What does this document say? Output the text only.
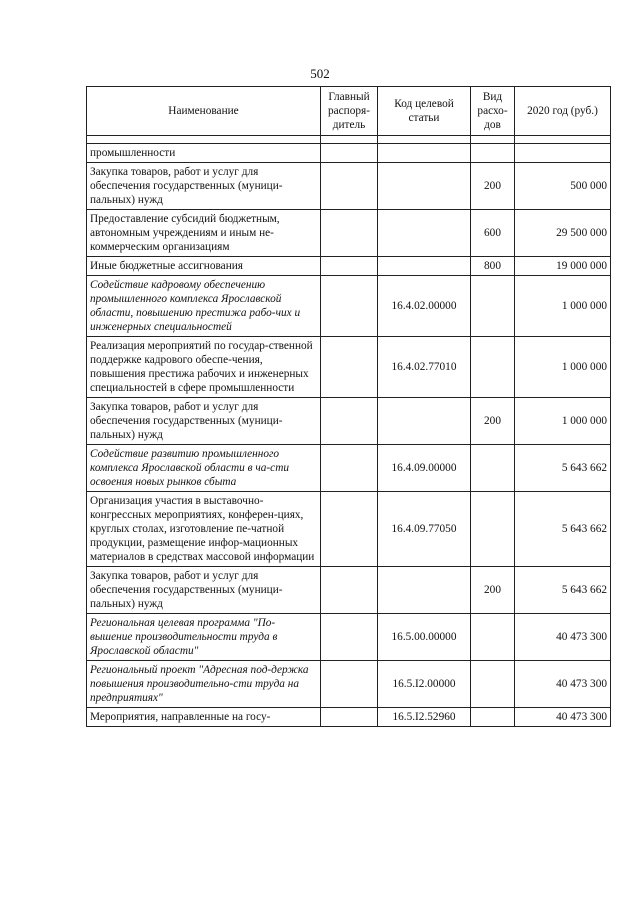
502
Наименование	Главный распоря-дитель	Код целевой статьи	Вид расхо-дов	2020 год (руб.)

промышленности				
Закупка товаров, работ и услуг для обеспечения государственных (муници-пальных) нужд			200	500 000
Предоставление субсидий бюджетным, автономным учреждениям и иным не-коммерческим организациям			600	29 500 000
Иные бюджетные ассигнования			800	19 000 000
Содействие кадровому обеспечению промышленного комплекса Ярославской области, повышению престижа рабо-чих и инженерных специальностей		16.4.02.00000		1 000 000
Реализация мероприятий по государ-ственной поддержке кадрового обеспе-чения, повышения престижа рабочих и инженерных специальностей в сфере промышленности		16.4.02.77010		1 000 000
Закупка товаров, работ и услуг для обеспечения государственных (муници-пальных) нужд			200	1 000 000
Содействие развитию промышленного комплекса Ярославской области в ча-сти освоения новых рынков сбыта		16.4.09.00000		5 643 662
Организация участия в выставочно-конгрессных мероприятиях, конферен-циях, круглых столах, изготовление пе-чатной продукции, размещение инфор-мационных материалов в средствах массовой информации		16.4.09.77050		5 643 662
Закупка товаров, работ и услуг для обеспечения государственных (муници-пальных) нужд			200	5 643 662
Региональная целевая программа "По-вышение производительности труда в Ярославской области"		16.5.00.00000		40 473 300
Региональный проект "Адресная под-держка повышения производительно-сти труда на предприятиях"		16.5.I2.00000		40 473 300
Мероприятия, направленные на госу-		16.5.I2.52960		40 473 300
